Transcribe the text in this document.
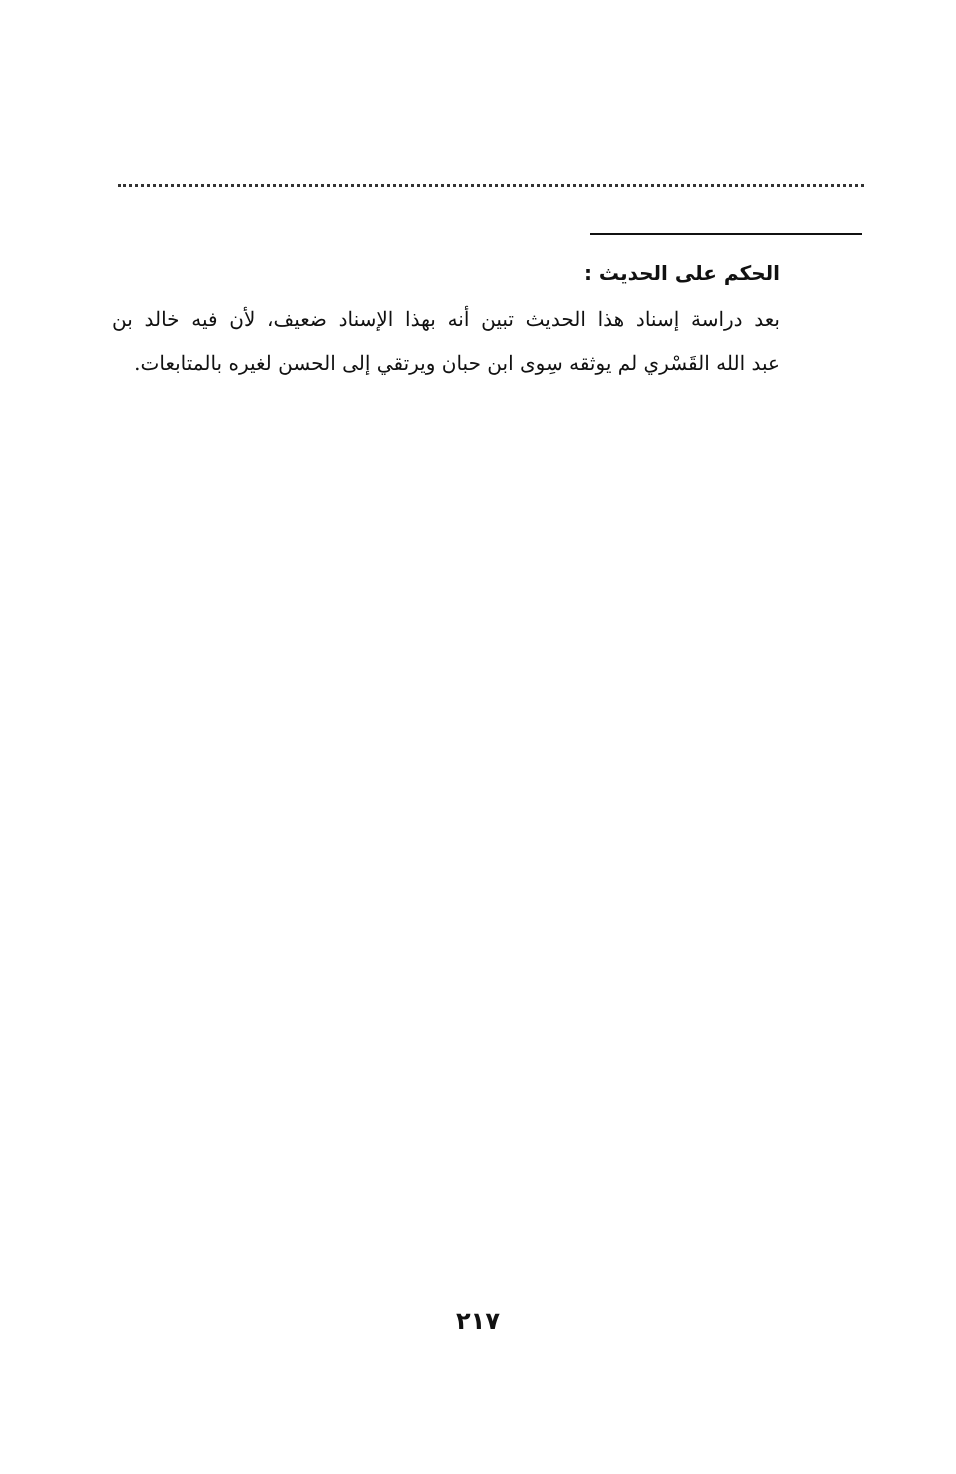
الحكم على الحديث :
بعد دراسة إسناد هذا الحديث تبين أنه بهذا الإسناد ضعيف، لأن فيه خالد بن
عبد الله القَسْري لم يوثقه سِوى ابن حبان ويرتقي إلى الحسن لغيره بالمتابعات.
٢١٧
